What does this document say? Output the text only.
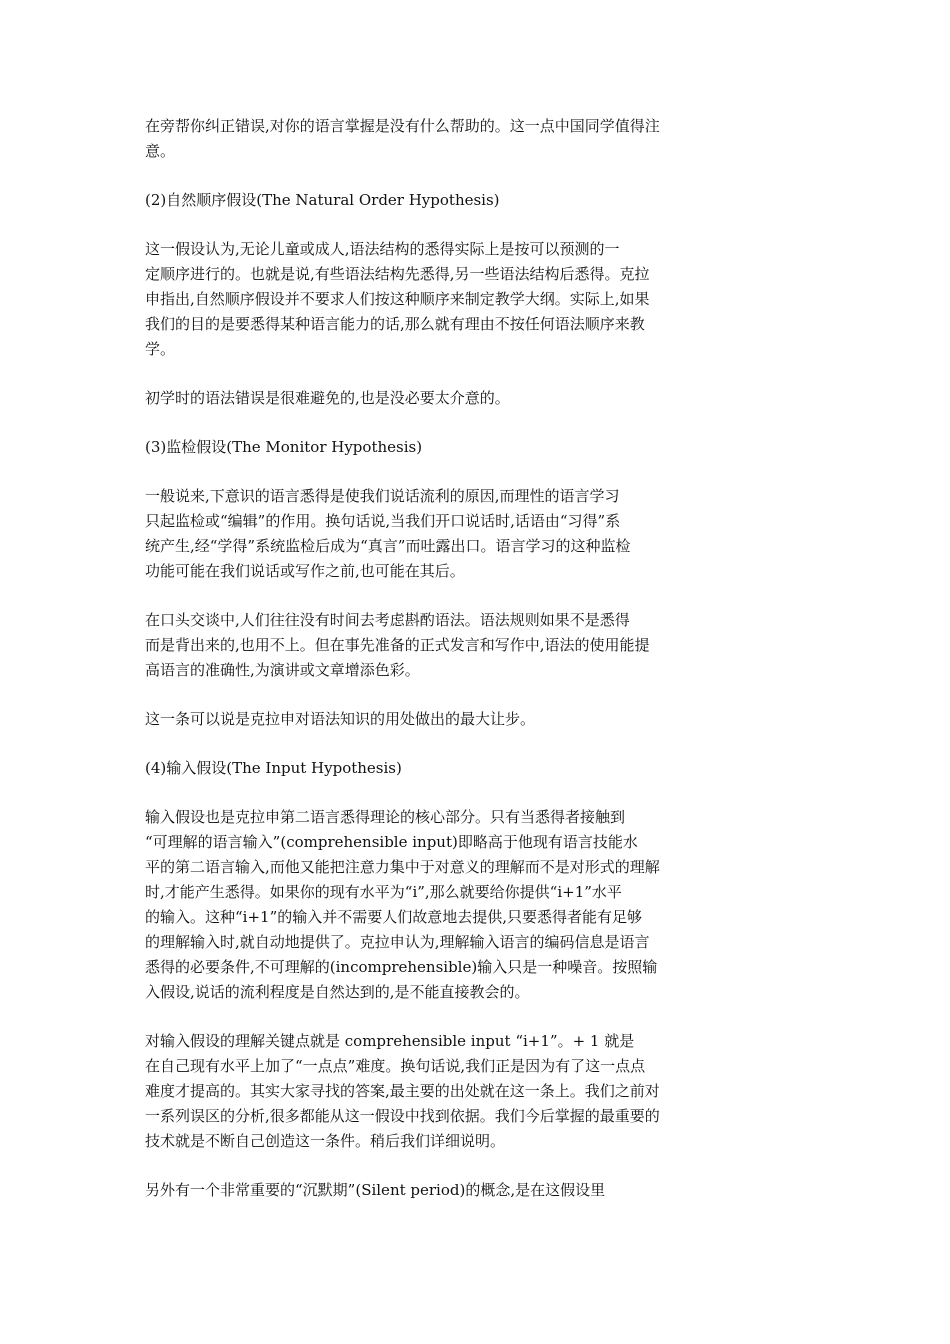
在旁帮你纠正错误,对你的语言掌握是没有什么帮助的。这一点中国同学值得注
意。
(2)自然顺序假设(The Natural Order Hypothesis)
这一假设认为,无论儿童或成人,语法结构的悉得实际上是按可以预测的一
定顺序进行的。也就是说,有些语法结构先悉得,另一些语法结构后悉得。克拉
申指出,自然顺序假设并不要求人们按这种顺序来制定教学大纲。实际上,如果
我们的目的是要悉得某种语言能力的话,那么就有理由不按任何语法顺序来教
学。
初学时的语法错误是很难避免的,也是没必要太介意的。
(3)监检假设(The Monitor Hypothesis)
一般说来,下意识的语言悉得是使我们说话流利的原因,而理性的语言学习
只起监检或“编辑”的作用。换句话说,当我们开口说话时,话语由“习得”系
统产生,经“学得”系统监检后成为“真言”而吐露出口。语言学习的这种监检
功能可能在我们说话或写作之前,也可能在其后。
在口头交谈中,人们往往没有时间去考虑斟酌语法。语法规则如果不是悉得
而是背出来的,也用不上。但在事先准备的正式发言和写作中,语法的使用能提
高语言的准确性,为演讲或文章增添色彩。
这一条可以说是克拉申对语法知识的用处做出的最大让步。
(4)输入假设(The Input Hypothesis)
输入假设也是克拉申第二语言悉得理论的核心部分。只有当悉得者接触到
“可理解的语言输入”(comprehensible input)即略高于他现有语言技能水
平的第二语言输入,而他又能把注意力集中于对意义的理解而不是对形式的理解
时,才能产生悉得。如果你的现有水平为“i”,那么就要给你提供“i+1”水平
的输入。这种“i+1”的输入并不需要人们故意地去提供,只要悉得者能有足够
的理解输入时,就自动地提供了。克拉申认为,理解输入语言的编码信息是语言
悉得的必要条件,不可理解的(incomprehensible)输入只是一种噪音。按照输
入假设,说话的流利程度是自然达到的,是不能直接教会的。
对输入假设的理解关键点就是 comprehensible input “i+1”。+ 1 就是
在自己现有水平上加了“一点点”难度。换句话说,我们正是因为有了这一点点
难度才提高的。其实大家寻找的答案,最主要的出处就在这一条上。我们之前对
一系列误区的分析,很多都能从这一假设中找到依据。我们今后掌握的最重要的
技术就是不断自己创造这一条件。稍后我们详细说明。
另外有一个非常重要的“沉默期”(Silent period)的概念,是在这假设里
